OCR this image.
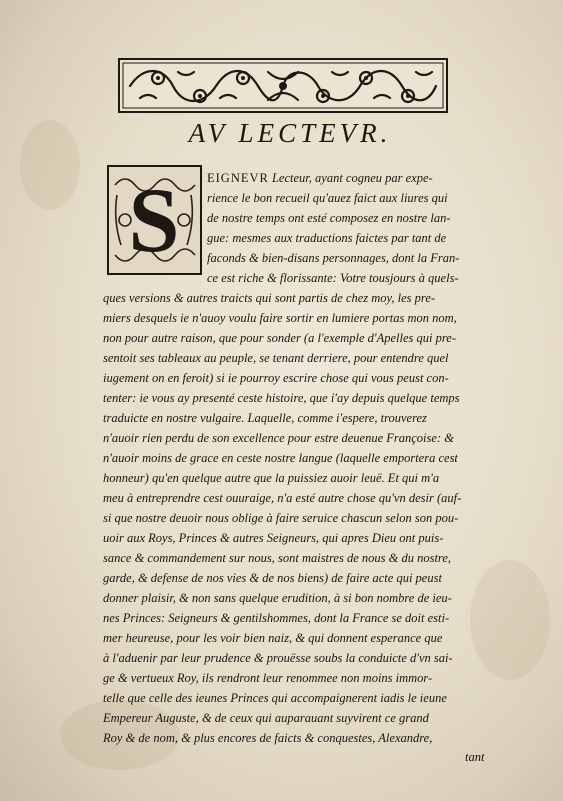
AV LECTEVR.
S EIGNEVR Lecteur, ayant cogneu par expe-
rience le bon recueil qu'auez faict aux liures qui
de nostre temps ont esté composez en nostre lan-
gue: mesmes aux traductions faictes par tant de
faconds & bien-disans personnages, dont la Fran-
ce est riche & florissante: Votre tousjours à quels-
ques versions & autres traicts qui sont partis de chez moy, les pre-
miers desquels ie n'auoy voulu faire sortir en lumiere portas mon nom,
non pour autre raison, que pour sonder (a l'exemple d'Apelles qui pre-
sentoit ses tableaux au peuple, se tenant derriere, pour entendre quel
iugement on en feroit) si ie pourroy escrire chose qui vous peust con-
tenter: ie vous ay presenté ceste histoire, que i'ay depuis quelque temps
traduicte en nostre vulgaire. Laquelle, comme i'espere, trouverez
n'auoir rien perdu de son excellence pour estre deuenue Françoise: &
n'auoir moins de grace en ceste nostre langue (laquelle emportera cest
honneur) qu'en quelque autre que la puissiez auoir leuë. Et qui m'a
meu à entreprendre cest ouuraige, n'a esté autre chose qu'vn desir (auf-
si que nostre deuoir nous oblige à faire seruice chascun selon son pou-
uoir aux Roys, Princes & autres Seigneurs, qui apres Dieu ont puis-
sance & commandement sur nous, sont maistres de nous & du nostre,
garde, & defense de nos vies & de nos biens) de faire acte qui peust
donner plaisir, & non sans quelque erudition, à si bon nombre de ieu-
nes Princes: Seigneurs & gentilshommes, dont la France se doit esti-
mer heureuse, pour les voir bien naiz, & qui donnent esperance que
à l'aduenir par leur prudence & prouësse soubs la conduicte d'vn sai-
ge & vertueux Roy, ils rendront leur renommee non moins immor-
telle que celle des ieunes Princes qui accompaignerent iadis le ieune
Empereur Auguste, & de ceux qui auparauant suyvirent ce grand
Roy & de nom, & plus encores de faicts & conquestes, Alexandre,
tant
